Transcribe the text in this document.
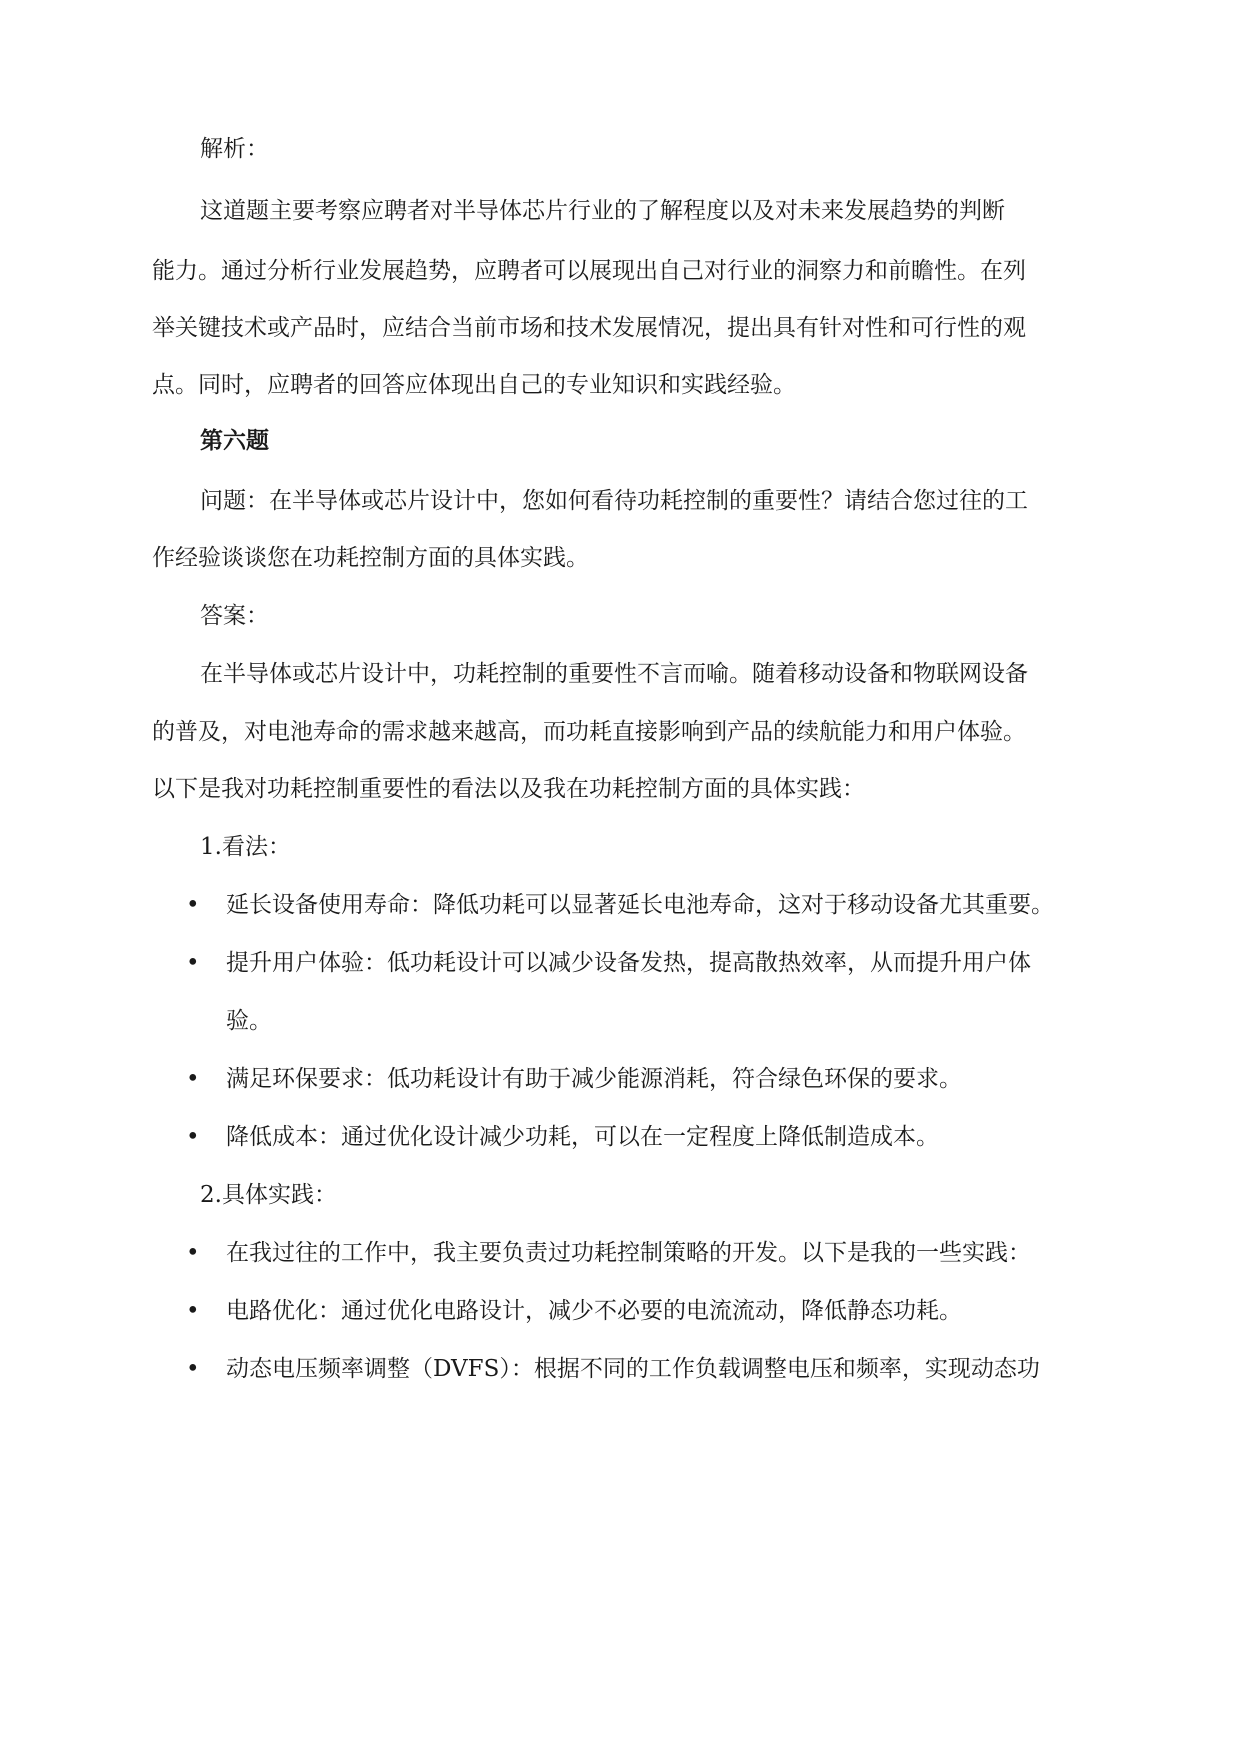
解析：

这道题主要考察应聘者对半导体芯片行业的了解程度以及对未来发展趋势的判断

能力。通过分析行业发展趋势，应聘者可以展现出自己对行业的洞察力和前瞻性。在列

举关键技术或产品时，应结合当前市场和技术发展情况，提出具有针对性和可行性的观

点。同时，应聘者的回答应体现出自己的专业知识和实践经验。

第六题

问题：在半导体或芯片设计中，您如何看待功耗控制的重要性？请结合您过往的工

作经验谈谈您在功耗控制方面的具体实践。

答案：

在半导体或芯片设计中，功耗控制的重要性不言而喻。随着移动设备和物联网设备

的普及，对电池寿命的需求越来越高，而功耗直接影响到产品的续航能力和用户体验。

以下是我对功耗控制重要性的看法以及我在功耗控制方面的具体实践：

1.看法：

• 延长设备使用寿命：降低功耗可以显著延长电池寿命，这对于移动设备尤其重要。
• 提升用户体验：低功耗设计可以减少设备发热，提高散热效率，从而提升用户体
验。
• 满足环保要求：低功耗设计有助于减少能源消耗，符合绿色环保的要求。
• 降低成本：通过优化设计减少功耗，可以在一定程度上降低制造成本。

2.具体实践：

• 在我过往的工作中，我主要负责过功耗控制策略的开发。以下是我的一些实践：
• 电路优化：通过优化电路设计，减少不必要的电流流动，降低静态功耗。
• 动态电压频率调整（DVFS）：根据不同的工作负载调整电压和频率，实现动态功
